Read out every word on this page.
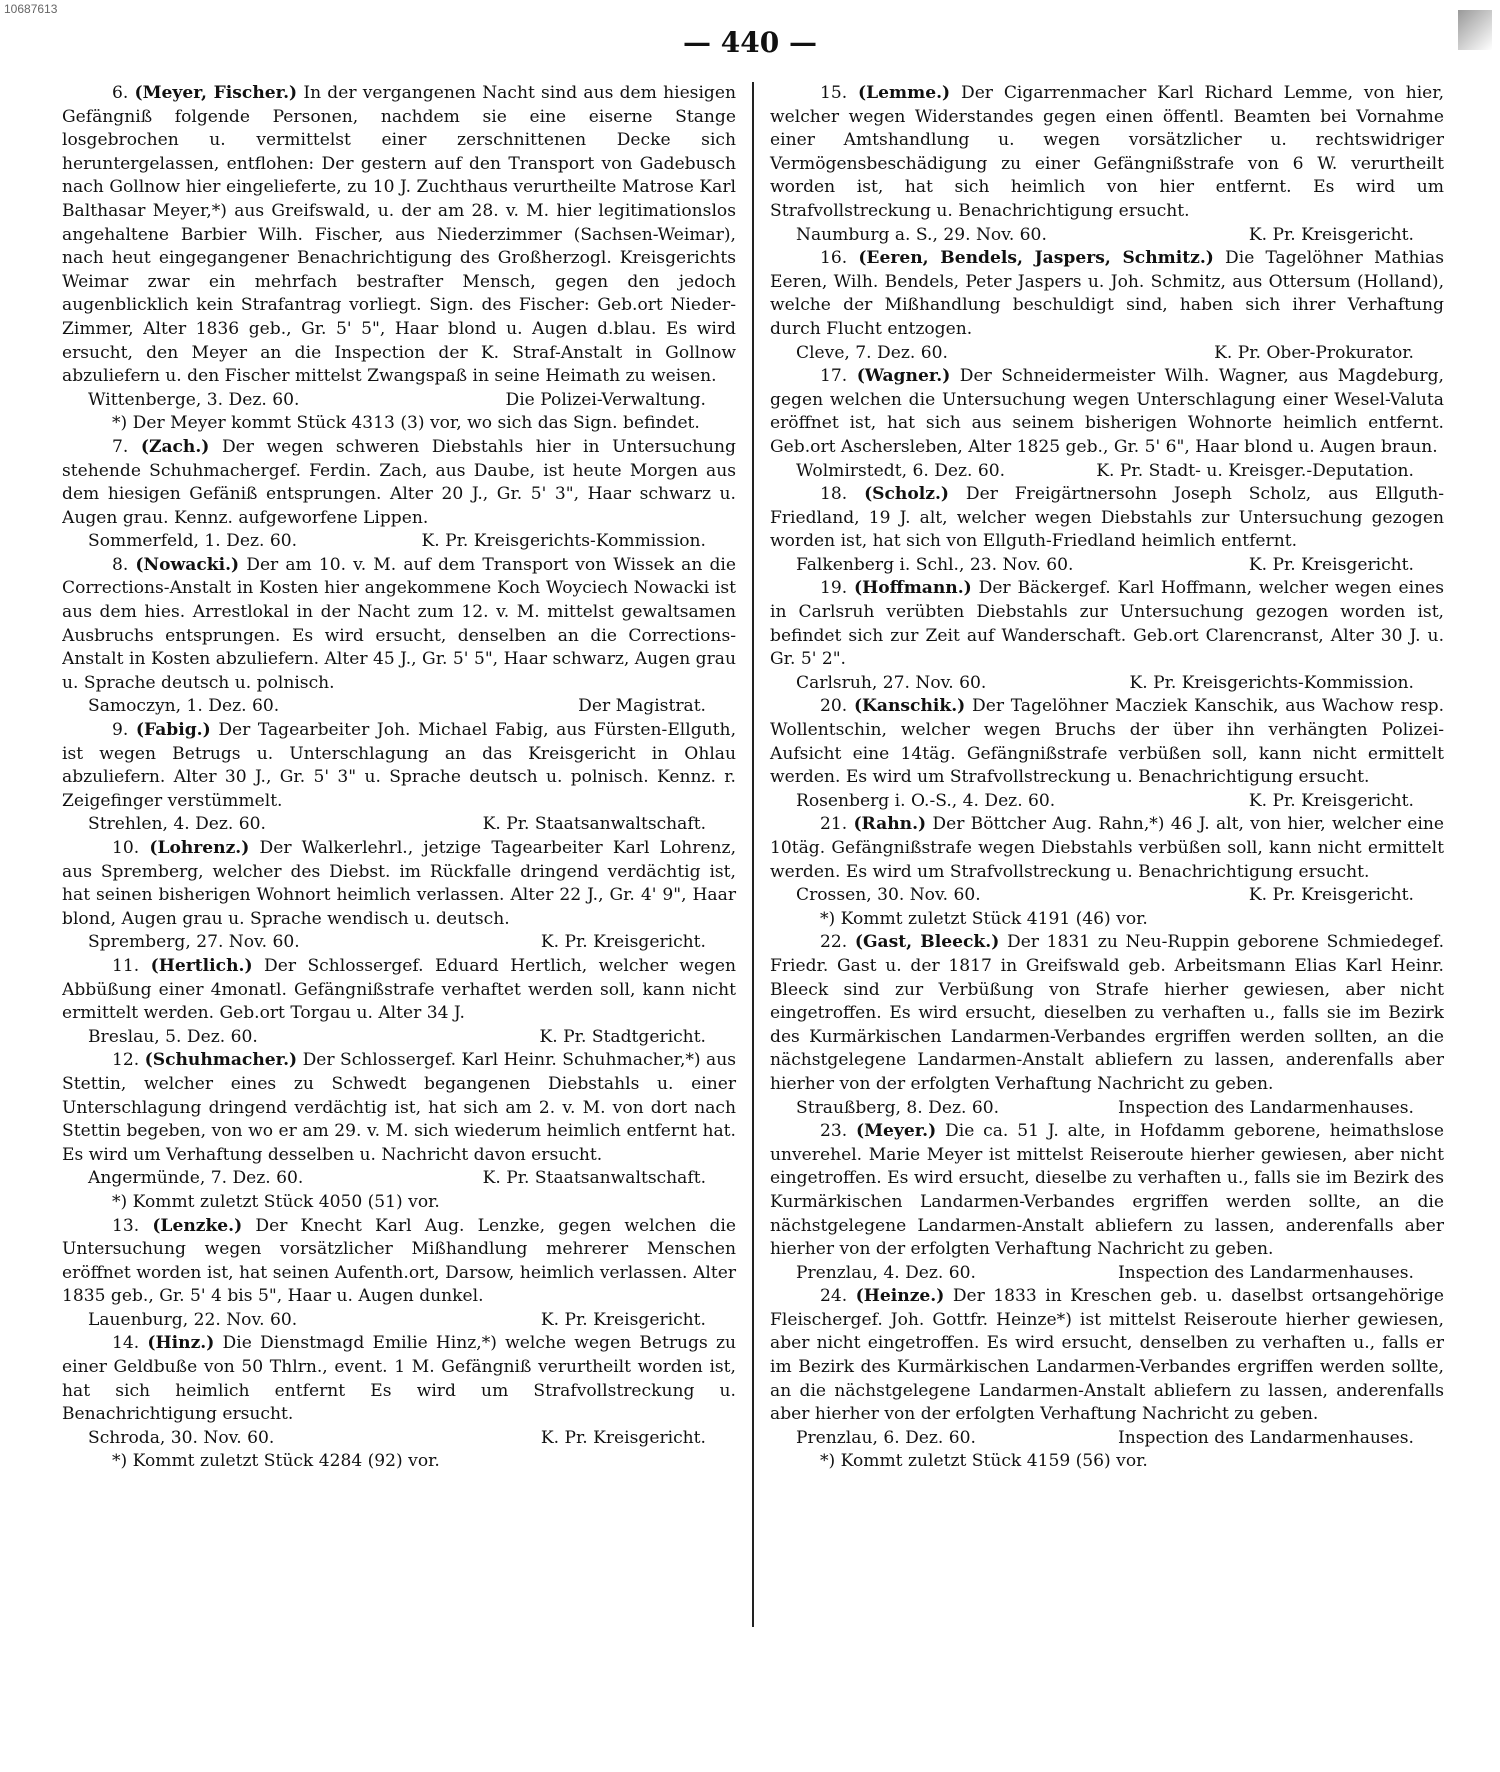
10687613
— 440 —

6. (Meyer, Fischer.) In der vergangenen Nacht sind aus dem hiesigen Gefängniß folgende Personen, nachdem sie eine eiserne Stange losgebrochen u. vermittelst einer zerschnittenen Decke sich heruntergelassen, entflohen: Der gestern auf den Transport von Gadebusch nach Gollnow hier eingelieferte, zu 10 J. Zuchthaus verurtheilte Matrose Karl Balthasar Meyer,*) aus Greifswald, u. der am 28. v. M. hier legitimationslos angehaltene Barbier Wilh. Fischer, aus Niederzimmer (Sachsen-Weimar), nach heut eingegangener Benachrichtigung des Großherzogl. Kreisgerichts Weimar zwar ein mehrfach bestrafter Mensch, gegen den jedoch augenblicklich kein Strafantrag vorliegt. Sign. des Fischer: Geb.ort Nieder-Zimmer, Alter 1836 geb., Gr. 5' 5", Haar blond u. Augen d.blau. Es wird ersucht, den Meyer an die Inspection der K. Straf-Anstalt in Gollnow abzuliefern u. den Fischer mittelst Zwangspaß in seine Heimath zu weisen.

Wittenberge, 3. Dez. 60.	Die Polizei-Verwaltung.
*) Der Meyer kommt Stück 4313 (3) vor, wo sich das Sign. befindet.

7. (Zach.) Der wegen schweren Diebstahls hier in Untersuchung stehende Schuhmachergef. Ferdin. Zach, aus Daube, ist heute Morgen aus dem hiesigen Gefäniß entsprungen. Alter 20 J., Gr. 5' 3", Haar schwarz u. Augen grau. Kennz. aufgeworfene Lippen.

Sommerfeld, 1. Dez. 60.	K. Pr. Kreisgerichts-Kommission.

8. (Nowacki.) Der am 10. v. M. auf dem Transport von Wissek an die Corrections-Anstalt in Kosten hier angekommene Koch Woyciech Nowacki ist aus dem hies. Arrestlokal in der Nacht zum 12. v. M. mittelst gewaltsamen Ausbruchs entsprungen. Es wird ersucht, denselben an die Corrections-Anstalt in Kosten abzuliefern. Alter 45 J., Gr. 5' 5", Haar schwarz, Augen grau u. Sprache deutsch u. polnisch.

Samoczyn, 1. Dez. 60.	Der Magistrat.

9. (Fabig.) Der Tagearbeiter Joh. Michael Fabig, aus Fürsten-Ellguth, ist wegen Betrugs u. Unterschlagung an das Kreisgericht in Ohlau abzuliefern. Alter 30 J., Gr. 5' 3" u. Sprache deutsch u. polnisch. Kennz. r. Zeigefinger verstümmelt.

Strehlen, 4. Dez. 60.	K. Pr. Staatsanwaltschaft.

10. (Lohrenz.) Der Walkerlehrl., jetzige Tagearbeiter Karl Lohrenz, aus Spremberg, welcher des Diebst. im Rückfalle dringend verdächtig ist, hat seinen bisherigen Wohnort heimlich verlassen. Alter 22 J., Gr. 4' 9", Haar blond, Augen grau u. Sprache wendisch u. deutsch.

Spremberg, 27. Nov. 60.	K. Pr. Kreisgericht.

11. (Hertlich.) Der Schlossergef. Eduard Hertlich, welcher wegen Abbüßung einer 4monatl. Gefängnißstrafe verhaftet werden soll, kann nicht ermittelt werden. Geb.ort Torgau u. Alter 34 J.

Breslau, 5. Dez. 60.	K. Pr. Stadtgericht.

12. (Schuhmacher.) Der Schlossergef. Karl Heinr. Schuhmacher,*) aus Stettin, welcher eines zu Schwedt begangenen Diebstahls u. einer Unterschlagung dringend verdächtig ist, hat sich am 2. v. M. von dort nach Stettin begeben, von wo er am 29. v. M. sich wiederum heimlich entfernt hat. Es wird um Verhaftung desselben u. Nachricht davon ersucht.

Angermünde, 7. Dez. 60.	K. Pr. Staatsanwaltschaft.
*) Kommt zuletzt Stück 4050 (51) vor.

13. (Lenzke.) Der Knecht Karl Aug. Lenzke, gegen welchen die Untersuchung wegen vorsätzlicher Mißhandlung mehrerer Menschen eröffnet worden ist, hat seinen Aufenth.ort, Darsow, heimlich verlassen. Alter 1835 geb., Gr. 5' 4 bis 5", Haar u. Augen dunkel.

Lauenburg, 22. Nov. 60.	K. Pr. Kreisgericht.

14. (Hinz.) Die Dienstmagd Emilie Hinz,*) welche wegen Betrugs zu einer Geldbuße von 50 Thlrn., event. 1 M. Gefängniß verurtheilt worden ist, hat sich heimlich entfernt Es wird um Strafvollstreckung u. Benachrichtigung ersucht.

Schroda, 30. Nov. 60.	K. Pr. Kreisgericht.
*) Kommt zuletzt Stück 4284 (92) vor.

15. (Lemme.) Der Cigarrenmacher Karl Richard Lemme, von hier, welcher wegen Widerstandes gegen einen öffentl. Beamten bei Vornahme einer Amtshandlung u. wegen vorsätzlicher u. rechtswidriger Vermögensbeschädigung zu einer Gefängnißstrafe von 6 W. verurtheilt worden ist, hat sich heimlich von hier entfernt. Es wird um Strafvollstreckung u. Benachrichtigung ersucht.

Naumburg a. S., 29. Nov. 60.	K. Pr. Kreisgericht.

16. (Eeren, Bendels, Jaspers, Schmitz.) Die Tagelöhner Mathias Eeren, Wilh. Bendels, Peter Jaspers u. Joh. Schmitz, aus Ottersum (Holland), welche der Mißhandlung beschuldigt sind, haben sich ihrer Verhaftung durch Flucht entzogen.

Cleve, 7. Dez. 60.	K. Pr. Ober-Prokurator.

17. (Wagner.) Der Schneidermeister Wilh. Wagner, aus Magdeburg, gegen welchen die Untersuchung wegen Unterschlagung einer Wesel-Valuta eröffnet ist, hat sich aus seinem bisherigen Wohnorte heimlich entfernt. Geb.ort Aschersleben, Alter 1825 geb., Gr. 5' 6", Haar blond u. Augen braun.

Wolmirstedt, 6. Dez. 60.	K. Pr. Stadt- u. Kreisger.-Deputation.

18. (Scholz.) Der Freigärtnersohn Joseph Scholz, aus Ellguth-Friedland, 19 J. alt, welcher wegen Diebstahls zur Untersuchung gezogen worden ist, hat sich von Ellguth-Friedland heimlich entfernt.

Falkenberg i. Schl., 23. Nov. 60.	K. Pr. Kreisgericht.

19. (Hoffmann.) Der Bäckergef. Karl Hoffmann, welcher wegen eines in Carlsruh verübten Diebstahls zur Untersuchung gezogen worden ist, befindet sich zur Zeit auf Wanderschaft. Geb.ort Clarencranst, Alter 30 J. u. Gr. 5' 2".

Carlsruh, 27. Nov. 60.	K. Pr. Kreisgerichts-Kommission.

20. (Kanschik.) Der Tagelöhner Macziek Kanschik, aus Wachow resp. Wollentschin, welcher wegen Bruchs der über ihn verhängten Polizei-Aufsicht eine 14täg. Gefängnißstrafe verbüßen soll, kann nicht ermittelt werden. Es wird um Strafvollstreckung u. Benachrichtigung ersucht.

Rosenberg i. O.-S., 4. Dez. 60.	K. Pr. Kreisgericht.

21. (Rahn.) Der Böttcher Aug. Rahn,*) 46 J. alt, von hier, welcher eine 10täg. Gefängnißstrafe wegen Diebstahls verbüßen soll, kann nicht ermittelt werden. Es wird um Strafvollstreckung u. Benachrichtigung ersucht.

Crossen, 30. Nov. 60.	K. Pr. Kreisgericht.
*) Kommt zuletzt Stück 4191 (46) vor.

22. (Gast, Bleeck.) Der 1831 zu Neu-Ruppin geborene Schmiedegef. Friedr. Gast u. der 1817 in Greifswald geb. Arbeitsmann Elias Karl Heinr. Bleeck sind zur Verbüßung von Strafe hierher gewiesen, aber nicht eingetroffen. Es wird ersucht, dieselben zu verhaften u., falls sie im Bezirk des Kurmärkischen Landarmen-Verbandes ergriffen werden sollten, an die nächstgelegene Landarmen-Anstalt abliefern zu lassen, anderenfalls aber hierher von der erfolgten Verhaftung Nachricht zu geben.

Straußberg, 8. Dez. 60.	Inspection des Landarmenhauses.

23. (Meyer.) Die ca. 51 J. alte, in Hofdamm geborene, heimathslose unverehel. Marie Meyer ist mittelst Reiseroute hierher gewiesen, aber nicht eingetroffen. Es wird ersucht, dieselbe zu verhaften u., falls sie im Bezirk des Kurmärkischen Landarmen-Verbandes ergriffen werden sollte, an die nächstgelegene Landarmen-Anstalt abliefern zu lassen, anderenfalls aber hierher von der erfolgten Verhaftung Nachricht zu geben.

Prenzlau, 4. Dez. 60.	Inspection des Landarmenhauses.

24. (Heinze.) Der 1833 in Kreschen geb. u. daselbst ortsangehörige Fleischergef. Joh. Gottfr. Heinze*) ist mittelst Reiseroute hierher gewiesen, aber nicht eingetroffen. Es wird ersucht, denselben zu verhaften u., falls er im Bezirk des Kurmärkischen Landarmen-Verbandes ergriffen werden sollte, an die nächstgelegene Landarmen-Anstalt abliefern zu lassen, anderenfalls aber hierher von der erfolgten Verhaftung Nachricht zu geben.

Prenzlau, 6. Dez. 60.	Inspection des Landarmenhauses.
*) Kommt zuletzt Stück 4159 (56) vor.
